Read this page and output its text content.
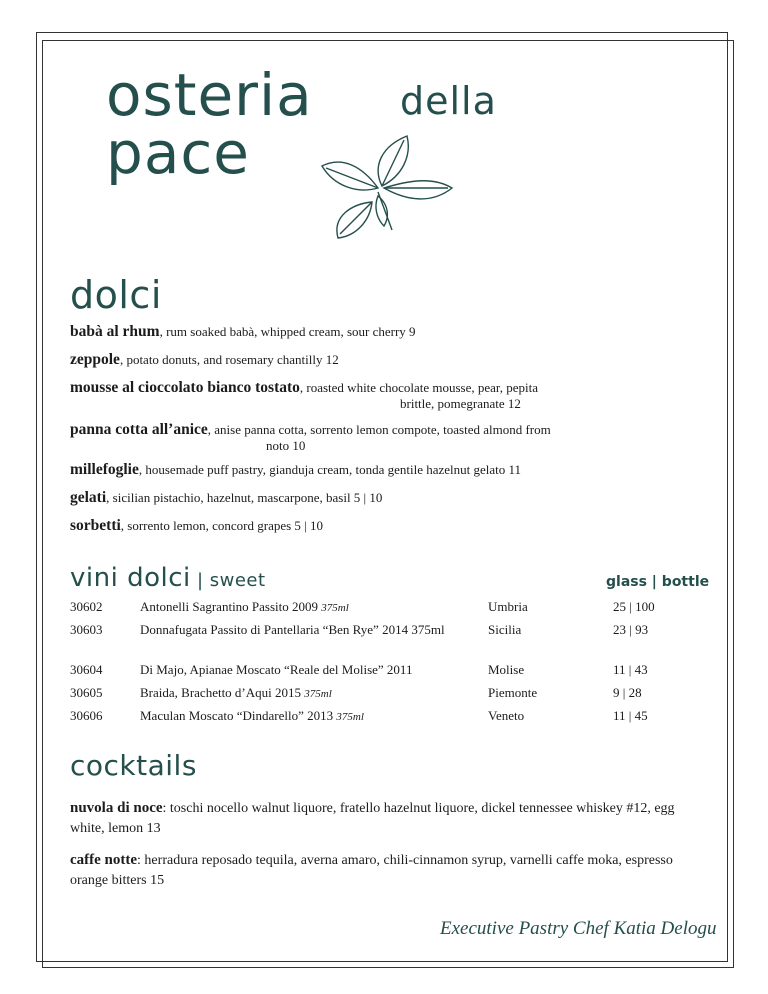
osteria della
pace
dolci
babà al rhum, rum soaked babà, whipped cream, sour cherry 9
zeppole, potato donuts, and rosemary chantilly 12
mousse al cioccolato bianco tostato, roasted white chocolate mousse, pear, pepita
brittle, pomegranate 12
panna cotta all’anice, anise panna cotta, sorrento lemon compote, toasted almond from
noto 10
millefoglie, housemade puff pastry, gianduja cream, tonda gentile hazelnut gelato 11
gelati, sicilian pistachio, hazelnut, mascarpone, basil 5 | 10
sorbetti, sorrento lemon, concord grapes 5 | 10
vini dolci | sweet	glass | bottle
30602	Antonelli Sagrantino Passito 2009 375ml	Umbria	25 | 100
30603	Donnafugata Passito di Pantellaria “Ben Rye” 2014 375ml	Sicilia	23 | 93
30604	Di Majo, Apianae Moscato “Reale del Molise” 2011	Molise	11 | 43
30605	Braida, Brachetto d’Aqui 2015 375ml	Piemonte	9 | 28
30606	Maculan Moscato “Dindarello” 2013 375ml	Veneto	11 | 45
cocktails
nuvola di noce: toschi nocello walnut liquore, fratello hazelnut liquore, dickel tennessee whiskey #12, egg white, lemon 13
caffe notte: herradura reposado tequila, averna amaro, chili-cinnamon syrup, varnelli caffe moka, espresso orange bitters 15
Executive Pastry Chef Katia Delogu
